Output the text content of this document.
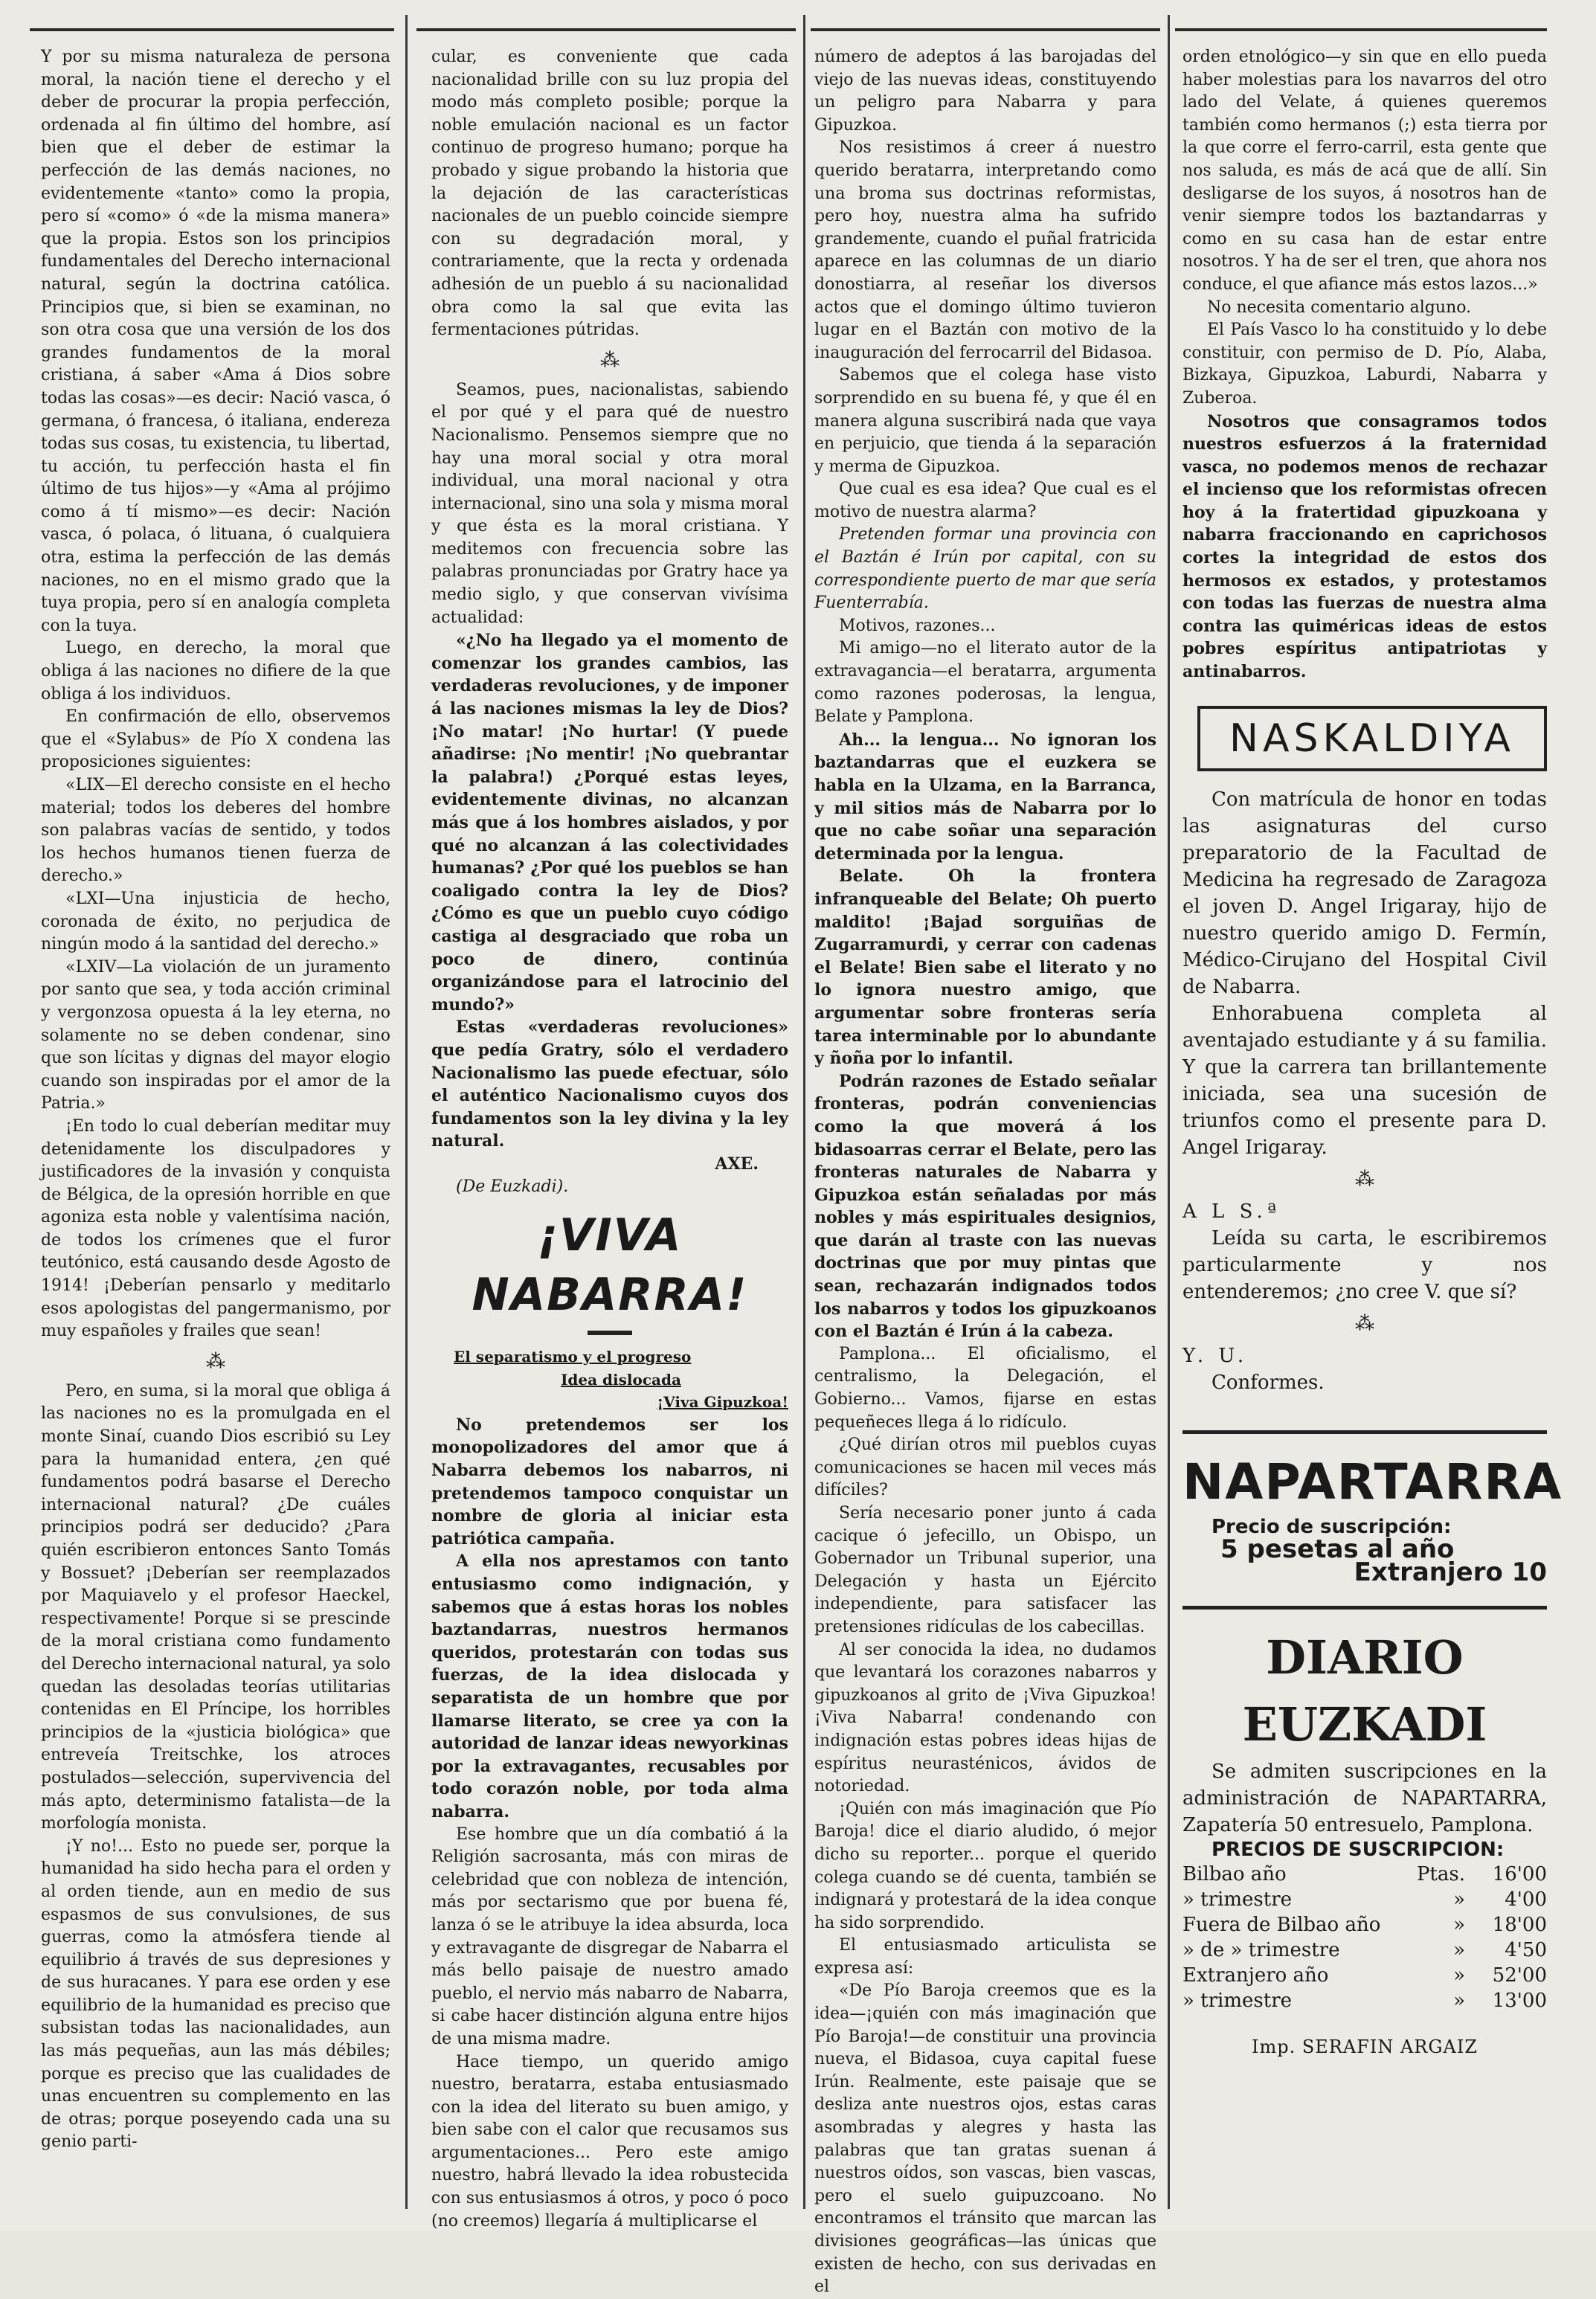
Y por su misma naturaleza de persona moral, la nación tiene el derecho y el deber de procurar la propia perfección, ordenada al fin último del hombre, así bien que el deber de estimar la perfección de las demás naciones, no evidentemente «tanto» como la propia, pero sí «como» ó «de la misma manera» que la propia. Estos son los principios fundamentales del Derecho internacional natural, según la doctrina católica. Principios que, si bien se examinan, no son otra cosa que una versión de los dos grandes fundamentos de la moral cristiana, á saber «Ama á Dios sobre todas las cosas»—es decir: Nació vasca, ó germana, ó francesa, ó italiana, endereza todas sus cosas, tu existencia, tu libertad, tu acción, tu perfección hasta el fin último de tus hijos»—y «Ama al prójimo como á tí mismo»—es decir: Nación vasca, ó polaca, ó lituana, ó cualquiera otra, estima la perfección de las demás naciones, no en el mismo grado que la tuya propia, pero sí en analogía completa con la tuya.

Luego, en derecho, la moral que obliga á las naciones no difiere de la que obliga á los individuos.

En confirmación de ello, observemos que el «Sylabus» de Pío X condena las proposiciones siguientes:

«LIX—El derecho consiste en el hecho material; todos los deberes del hombre son palabras vacías de sentido, y todos los hechos humanos tienen fuerza de derecho.»

«LXI—Una injusticia de hecho, coronada de éxito, no perjudica de ningún modo á la santidad del derecho.»

«LXIV—La violación de un juramento por santo que sea, y toda acción criminal y vergonzosa opuesta á la ley eterna, no solamente no se deben condenar, sino que son lícitas y dignas del mayor elogio cuando son inspiradas por el amor de la Patria.»

¡En todo lo cual deberían meditar muy detenidamente los disculpadores y justificadores de la invasión y conquista de Bélgica, de la opresión horrible en que agoniza esta noble y valentísima nación, de todos los crímenes que el furor teutónico, está causando desde Agosto de 1914! ¡Deberían pensarlo y meditarlo esos apologistas del pangermanismo, por muy españoles y frailes que sean!

⁂

Pero, en suma, si la moral que obliga á las naciones no es la promulgada en el monte Sinaí, cuando Dios escribió su Ley para la humanidad entera, ¿en qué fundamentos podrá basarse el Derecho internacional natural? ¿De cuáles principios podrá ser deducido? ¿Para quién escribieron entonces Santo Tomás y Bossuet? ¡Deberían ser reemplazados por Maquiavelo y el profesor Haeckel, respectivamente! Porque si se prescinde de la moral cristiana como fundamento del Derecho internacional natural, ya solo quedan las desoladas teorías utilitarias contenidas en El Príncipe, los horribles principios de la «justicia biológica» que entreveía Treitschke, los atroces postulados—selección, supervivencia del más apto, determinismo fatalista—de la morfología monista.

¡Y no!... Esto no puede ser, porque la humanidad ha sido hecha para el orden y al orden tiende, aun en medio de sus espasmos de sus convulsiones, de sus guerras, como la atmósfera tiende al equilibrio á través de sus depresiones y de sus huracanes. Y para ese orden y ese equilibrio de la humanidad es preciso que subsistan todas las nacionalidades, aun las más pequeñas, aun las más débiles; porque es preciso que las cualidades de unas encuentren su complemento en las de otras; porque poseyendo cada una su genio parti-

cular, es conveniente que cada nacionalidad brille con su luz propia del modo más completo posible; porque la noble emulación nacional es un factor continuo de progreso humano; porque ha probado y sigue probando la historia que la dejación de las características nacionales de un pueblo coincide siempre con su degradación moral, y contrariamente, que la recta y ordenada adhesión de un pueblo á su nacionalidad obra como la sal que evita las fermentaciones pútridas.

⁂

Seamos, pues, nacionalistas, sabiendo el por qué y el para qué de nuestro Nacionalismo. Pensemos siempre que no hay una moral social y otra moral individual, una moral nacional y otra internacional, sino una sola y misma moral y que ésta es la moral cristiana. Y meditemos con frecuencia sobre las palabras pronunciadas por Gratry hace ya medio siglo, y que conservan vivísima actualidad:

«¿No ha llegado ya el momento de comenzar los grandes cambios, las verdaderas revoluciones, y de imponer á las naciones mismas la ley de Dios? ¡No matar! ¡No hurtar! (Y puede añadirse: ¡No mentir! ¡No quebrantar la palabra!) ¿Porqué estas leyes, evidentemente divinas, no alcanzan más que á los hombres aislados, y por qué no alcanzan á las colectividades humanas? ¿Por qué los pueblos se han coaligado contra la ley de Dios? ¿Cómo es que un pueblo cuyo código castiga al desgraciado que roba un poco de dinero, continúa organizándose para el latrocinio del mundo?»

Estas «verdaderas revoluciones» que pedía Gratry, sólo el verdadero Nacionalismo las puede efectuar, sólo el auténtico Nacionalismo cuyos dos fundamentos son la ley divina y la ley natural.

AXE.

(De Euzkadi).

¡VIVA NABARRA!

El separatismo y el progreso

Idea dislocada

¡Viva Gipuzkoa!

No pretendemos ser los monopolizadores del amor que á Nabarra debemos los nabarros, ni pretendemos tampoco conquistar un nombre de gloria al iniciar esta patriótica campaña.

A ella nos aprestamos con tanto entusiasmo como indignación, y sabemos que á estas horas los nobles baztandarras, nuestros hermanos queridos, protestarán con todas sus fuerzas, de la idea dislocada y separatista de un hombre que por llamarse literato, se cree ya con la autoridad de lanzar ideas newyorkinas por la extravagantes, recusables por todo corazón noble, por toda alma nabarra.

Ese hombre que un día combatió á la Religión sacrosanta, más con miras de celebridad que con nobleza de intención, más por sectarismo que por buena fé, lanza ó se le atribuye la idea absurda, loca y extravagante de disgregar de Nabarra el más bello paisaje de nuestro amado pueblo, el nervio más nabarro de Nabarra, si cabe hacer distinción alguna entre hijos de una misma madre.

Hace tiempo, un querido amigo nuestro, beratarra, estaba entusiasmado con la idea del literato su buen amigo, y bien sabe con el calor que recusamos sus argumentaciones... Pero este amigo nuestro, habrá llevado la idea robustecida con sus entusiasmos á otros, y poco ó poco (no creemos) llegaría á multiplicarse el

número de adeptos á las barojadas del viejo de las nuevas ideas, constituyendo un peligro para Nabarra y para Gipuzkoa.

Nos resistimos á creer á nuestro querido beratarra, interpretando como una broma sus doctrinas reformistas, pero hoy, nuestra alma ha sufrido grandemente, cuando el puñal fratricida aparece en las columnas de un diario donostiarra, al reseñar los diversos actos que el domingo último tuvieron lugar en el Baztán con motivo de la inauguración del ferrocarril del Bidasoa.

Sabemos que el colega hase visto sorprendido en su buena fé, y que él en manera alguna suscribirá nada que vaya en perjuicio, que tienda á la separación y merma de Gipuzkoa.

Que cual es esa idea? Que cual es el motivo de nuestra alarma?

Pretenden formar una provincia con el Baztán é Irún por capital, con su correspondiente puerto de mar que sería Fuenterrabía.

Motivos, razones...

Mi amigo—no el literato autor de la extravagancia—el beratarra, argumenta como razones poderosas, la lengua, Belate y Pamplona.

Ah... la lengua... No ignoran los baztandarras que el euzkera se habla en la Ulzama, en la Barranca, y mil sitios más de Nabarra por lo que no cabe soñar una separación determinada por la lengua.

Belate. Oh la frontera infranqueable del Belate; Oh puerto maldito! ¡Bajad sorguiñas de Zugarramurdi, y cerrar con cadenas el Belate! Bien sabe el literato y no lo ignora nuestro amigo, que argumentar sobre fronteras sería tarea interminable por lo abundante y ñoña por lo infantil.

Podrán razones de Estado señalar fronteras, podrán conveniencias como la que moverá á los bidasoarras cerrar el Belate, pero las fronteras naturales de Nabarra y Gipuzkoa están señaladas por más nobles y más espirituales designios, que darán al traste con las nuevas doctrinas que por muy pintas que sean, rechazarán indignados todos los nabarros y todos los gipuzkoanos con el Baztán é Irún á la cabeza.

Pamplona... El oficialismo, el centralismo, la Delegación, el Gobierno... Vamos, fijarse en estas pequeñeces llega á lo ridículo.

¿Qué dirían otros mil pueblos cuyas comunicaciones se hacen mil veces más difíciles?

Sería necesario poner junto á cada cacique ó jefecillo, un Obispo, un Gobernador un Tribunal superior, una Delegación y hasta un Ejército independiente, para satisfacer las pretensiones ridículas de los cabecillas.

Al ser conocida la idea, no dudamos que levantará los corazones nabarros y gipuzkoanos al grito de ¡Viva Gipuzkoa! ¡Viva Nabarra! condenando con indignación estas pobres ideas hijas de espíritus neurasténicos, ávidos de notoriedad.

¡Quién con más imaginación que Pío Baroja! dice el diario aludido, ó mejor dicho su reporter... porque el querido colega cuando se dé cuenta, también se indignará y protestará de la idea conque ha sido sorprendido.

El entusiasmado articulista se expresa así:

«De Pío Baroja creemos que es la idea—¡quién con más imaginación que Pío Baroja!—de constituir una provincia nueva, el Bidasoa, cuya capital fuese Irún. Realmente, este paisaje que se desliza ante nuestros ojos, estas caras asombradas y alegres y hasta las palabras que tan gratas suenan á nuestros oídos, son vascas, bien vascas, pero el suelo guipuzcoano. No encontramos el tránsito que marcan las divisiones geográficas—las únicas que existen de hecho, con sus derivadas en el

orden etnológico—y sin que en ello pueda haber molestias para los navarros del otro lado del Velate, á quienes queremos también como hermanos (;) esta tierra por la que corre el ferro-carril, esta gente que nos saluda, es más de acá que de allí. Sin desligarse de los suyos, á nosotros han de venir siempre todos los baztandarras y como en su casa han de estar entre nosotros. Y ha de ser el tren, que ahora nos conduce, el que afiance más estos lazos...»

No necesita comentario alguno.

El País Vasco lo ha constituido y lo debe constituir, con permiso de D. Pío, Alaba, Bizkaya, Gipuzkoa, Laburdi, Nabarra y Zuberoa.

Nosotros que consagramos todos nuestros esfuerzos á la fraternidad vasca, no podemos menos de rechazar el incienso que los reformistas ofrecen hoy á la fratertidad gipuzkoana y nabarra fraccionando en caprichosos cortes la integridad de estos dos hermosos ex estados, y protestamos con todas las fuerzas de nuestra alma contra las quiméricas ideas de estos pobres espíritus antipatriotas y antinabarros.

NASKALDIYA

Con matrícula de honor en todas las asignaturas del curso preparatorio de la Facultad de Medicina ha regresado de Zaragoza el joven D. Angel Irigaray, hijo de nuestro querido amigo D. Fermín, Médico-Cirujano del Hospital Civil de Nabarra.

Enhorabuena completa al aventajado estudiante y á su familia. Y que la carrera tan brillantemente iniciada, sea una sucesión de triunfos como el presente para D. Angel Irigaray.

⁂

A L S.ª

Leída su carta, le escribiremos particularmente y nos entenderemos; ¿no cree V. que sí?

⁂

Y. U.

Conformes.

NAPARTARRA

Precio de suscripción:

5 pesetas al año

Extranjero 10

DIARIO EUZKADI

Se admiten suscripciones en la administración de NAPARTARRA, Zapatería 50 entresuelo, Pamplona.

PRECIOS DE SUSCRIPCION:

Bilbao año	Ptas.	16'00
» trimestre	»	4'00
Fuera de Bilbao año	»	18'00
» de » trimestre	»	4'50
Extranjero año	»	52'00
» trimestre	»	13'00
Imp. SERAFIN ARGAIZ
